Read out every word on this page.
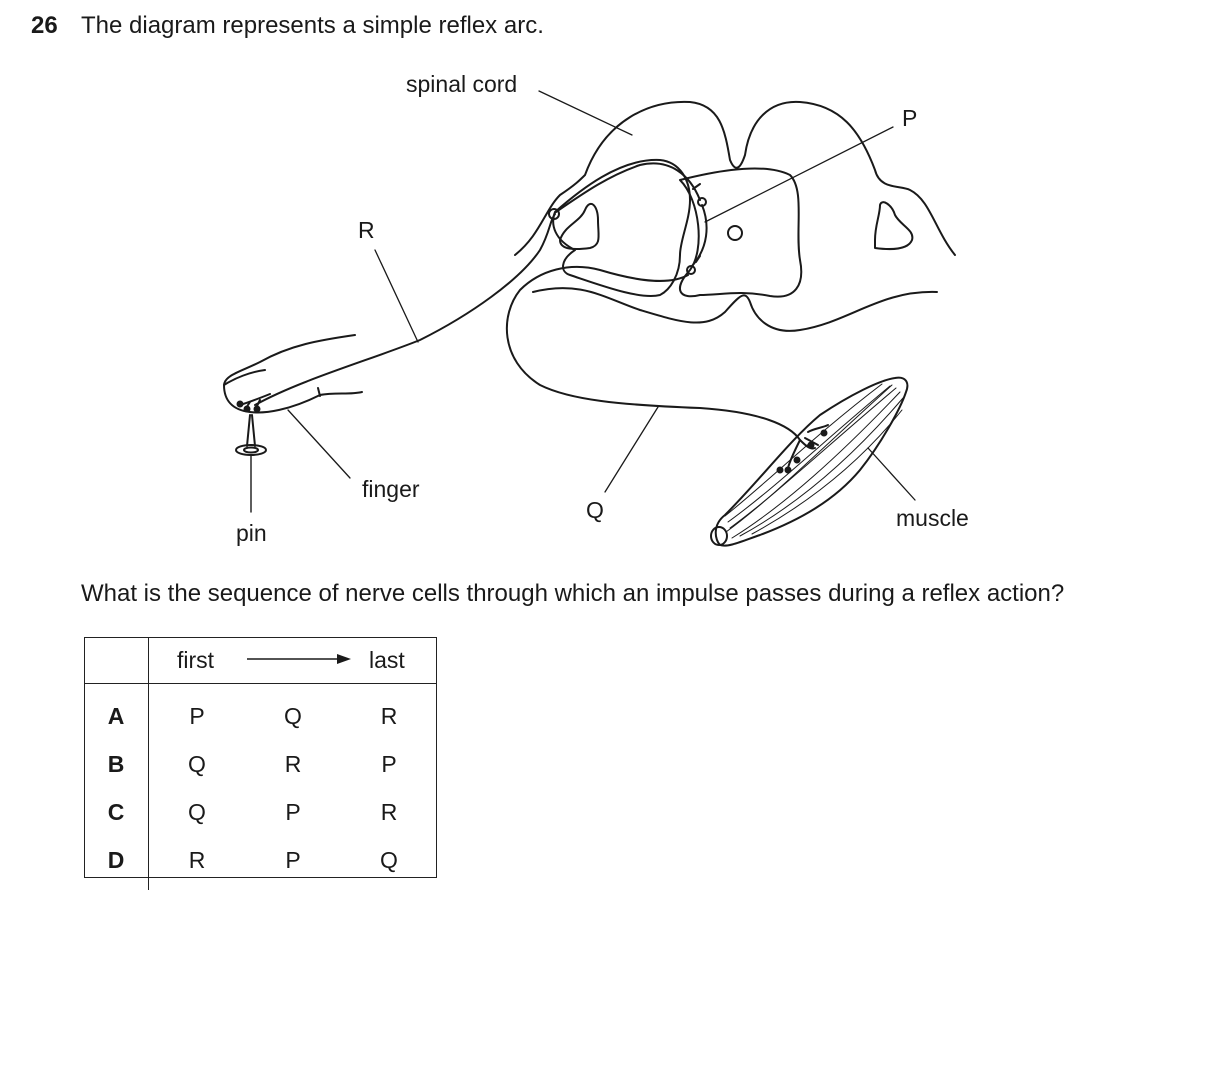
26 The diagram represents a simple reflex arc.
spinal cord
P
R
finger
Q	muscle
pin
What is the sequence of nerve cells through which an impulse passes during a reflex action?

	first last		

A	P	Q	R
B	Q	R	P
C	Q	P	R
D	R	P	Q
